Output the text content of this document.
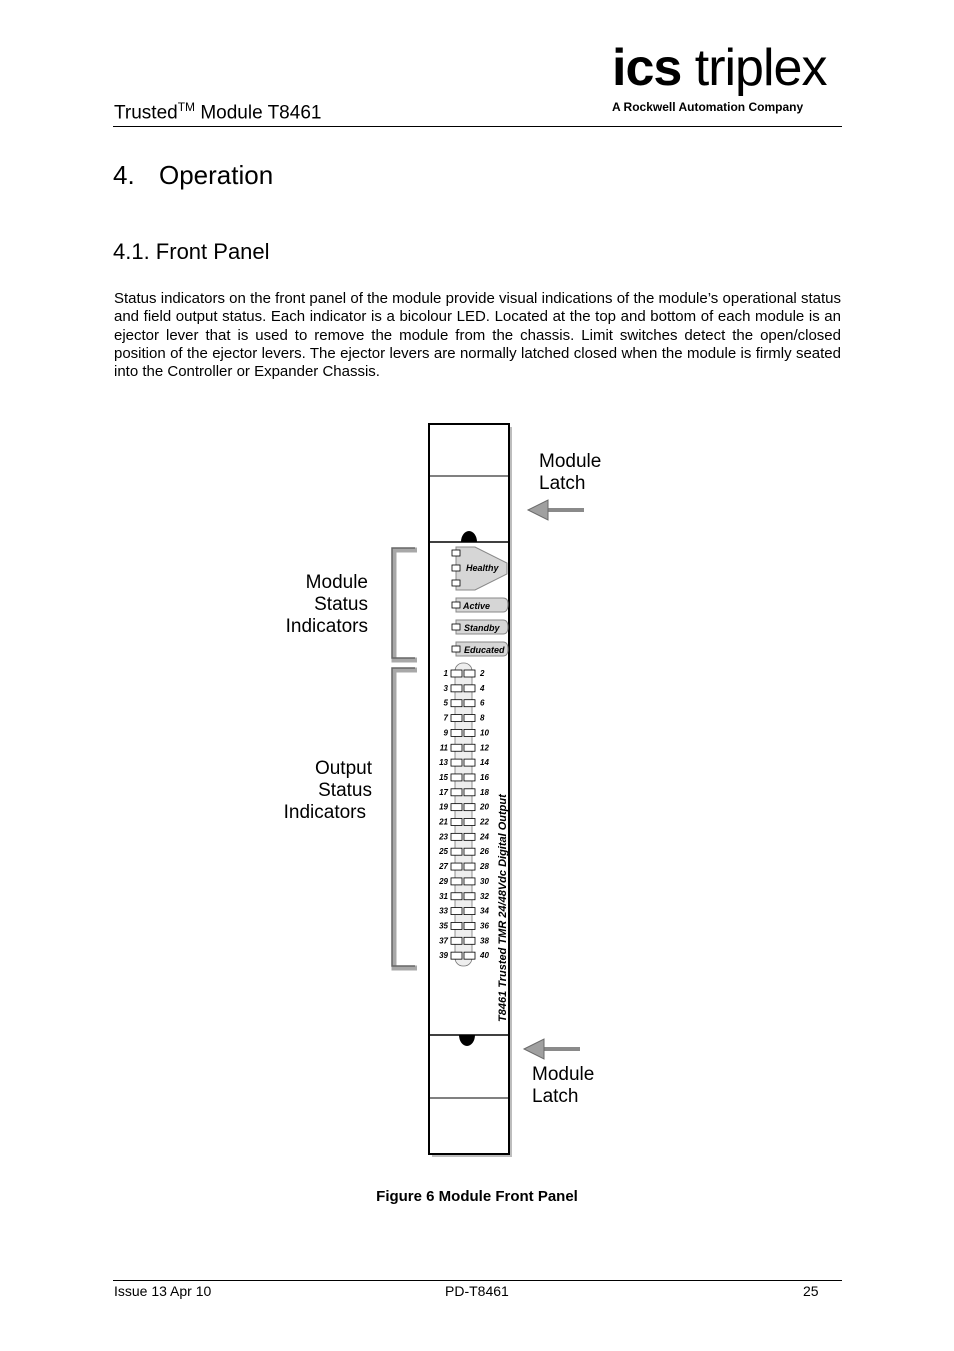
Trusted™ Module T8461
ics triplex
A Rockwell Automation Company
4. Operation
4.1. Front Panel
Status indicators on the front panel of the module provide visual indications of the module’s operational status and field output status. Each indicator is a bicolour LED. Located at the top and bottom of each module is an ejector lever that is used to remove the module from the chassis. Limit switches detect the open/closed position of the ejector levers. The ejector levers are normally latched closed when the module is firmly seated into the Controller or Expander Chassis.
Module
Latch
Module
Status
Indicators
Output
Status
Indicators
Module
Latch
Healthy
Active
Standby
Educated
1	2
3	4
5	6
7	8
9	10
11	12
13	14
15	16
17	18
19	20
21	22
23	24
25	26
27	28
29	30
31	32
33	34
35	36
37	38
39	40 T8461 Trusted TMR 24/48Vdc Digital Output
Figure 6 Module Front Panel
Issue 13 Apr 10	PD-T8461	25
